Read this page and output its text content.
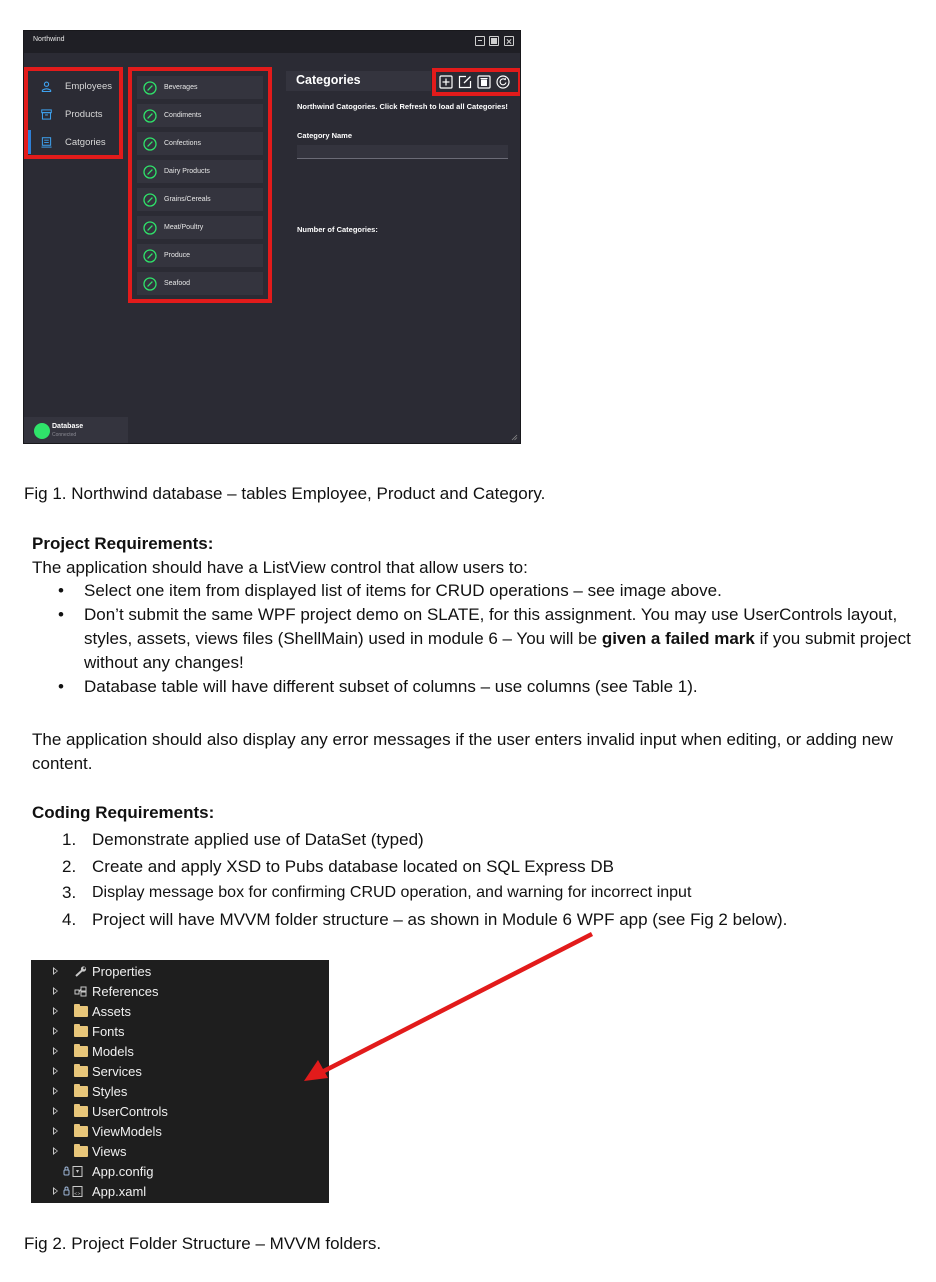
Northwind
Employees
Products
Catgories
Beverages
Condiments
Confections
Dairy Products
Grains/Cereals
Meat/Poultry
Produce
Seafood
Categories
Northwind Catogories. Click Refresh to load all Categories!
Category Name
Number of Categories:
Database
Connected
Fig 1. Northwind database – tables Employee, Product and Category.
Project Requirements:
The application should have a ListView control that allow users to:
• Select one item from displayed list of items for CRUD operations – see image above.
• Don’t submit the same WPF project demo on SLATE, for this assignment. You may use UserControls layout, styles, assets, views files (ShellMain) used in module 6 – You will be given a failed mark if you submit project without any changes!
• Database table will have different subset of columns – use columns (see Table 1).
The application should also display any error messages if the user enters invalid input when editing, or adding new content.
Coding Requirements:
1. Demonstrate applied use of DataSet (typed)
2. Create and apply XSD to Pubs database located on SQL Express DB
3. Display message box for confirming CRUD operation, and warning for incorrect input
4. Project will have MVVM folder structure – as shown in Module 6 WPF app (see Fig 2 below).
Properties
References
Assets
Fonts
Models
Services
Styles
UserControls
ViewModels
Views
App.config
<> App.xaml
Fig 2. Project Folder Structure – MVVM folders.
